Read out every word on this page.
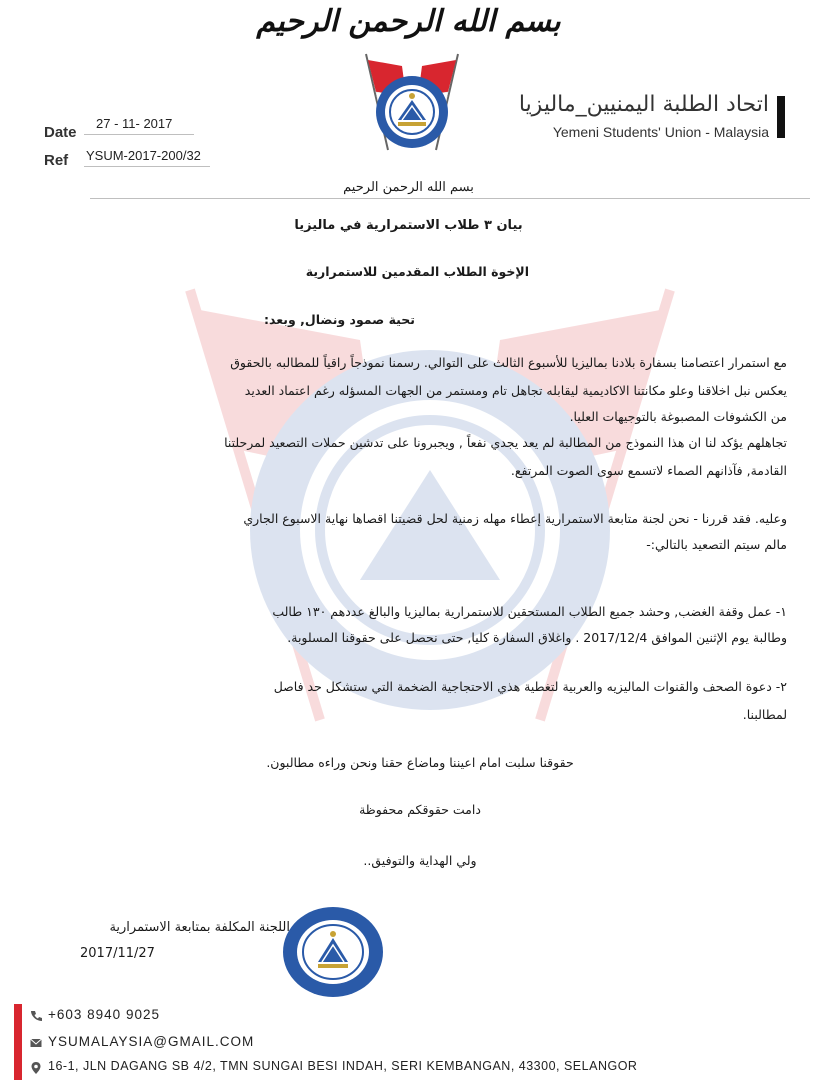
بسم الله الرحمن الرحيم
اتحاد الطلبة اليمنيين_ماليزيا
Yemeni Students' Union - Malaysia
Date
27 - 11- 2017
Ref YSUM-2017-200/32
بسم الله الرحمن الرحيم
بيان ٣ طلاب الاستمرارية في ماليزيا
الإخوة الطلاب المقدمين للاستمرارية
تحية صمود ونضال, وبعد:
مع استمرار اعتصامنا بسفارة بلادنا بماليزيا للأسبوع الثالث على التوالي. رسمنا نموذجاً راقياً للمطالبه بالحقوق
يعكس نبل اخلاقنا وعلو مكانتنا الاكاديمية ليقابله تجاهل تام ومستمر من الجهات المسؤله رغم اعتماد العديد
من الكشوفات المصبوغة بالتوجيهات العليا.
تجاهلهم يؤكد لنا ان هذا النموذج من المطالبة لم يعد يجدي نفعاً , ويجبرونا على تدشين حملات التصعيد لمرحلتنا
القادمة, فآذانهم الصماء لاتسمع سوى الصوت المرتفع.
وعليه. فقد قررنا - نحن لجنة متابعة الاستمرارية إعطاء مهله زمنية لحل قضيتنا اقصاها نهاية الاسبوع الجاري
مالم سيتم التصعيد بالتالي:-
١- عمل وقفة الغضب, وحشد جميع الطلاب المستحقين للاستمرارية بماليزيا والبالغ عددهم ١٣٠ طالب
وطالبة يوم الإثنين الموافق 2017/12/4 . واغلاق السفارة كليا, حتى نحصل على حقوقنا المسلوبة.
٢- دعوة الصحف والقنوات الماليزيه والعربية لتغطية هذي الاحتجاجية الضخمة التي ستشكل حد فاصل
لمطالبنا.
حقوقنا سلبت امام اعيننا وماضاع حقنا ونحن وراءه مطالبون.
دامت حقوقكم محفوظة
ولي الهداية والتوفيق..
اللجنة المكلفة بمتابعة الاستمرارية
2017/11/27
+603 8940 9025
YSUMALAYSIA@GMAIL.COM
16-1, JLN DAGANG SB 4/2, TMN SUNGAI BESI INDAH, SERI KEMBANGAN, 43300, SELANGOR
